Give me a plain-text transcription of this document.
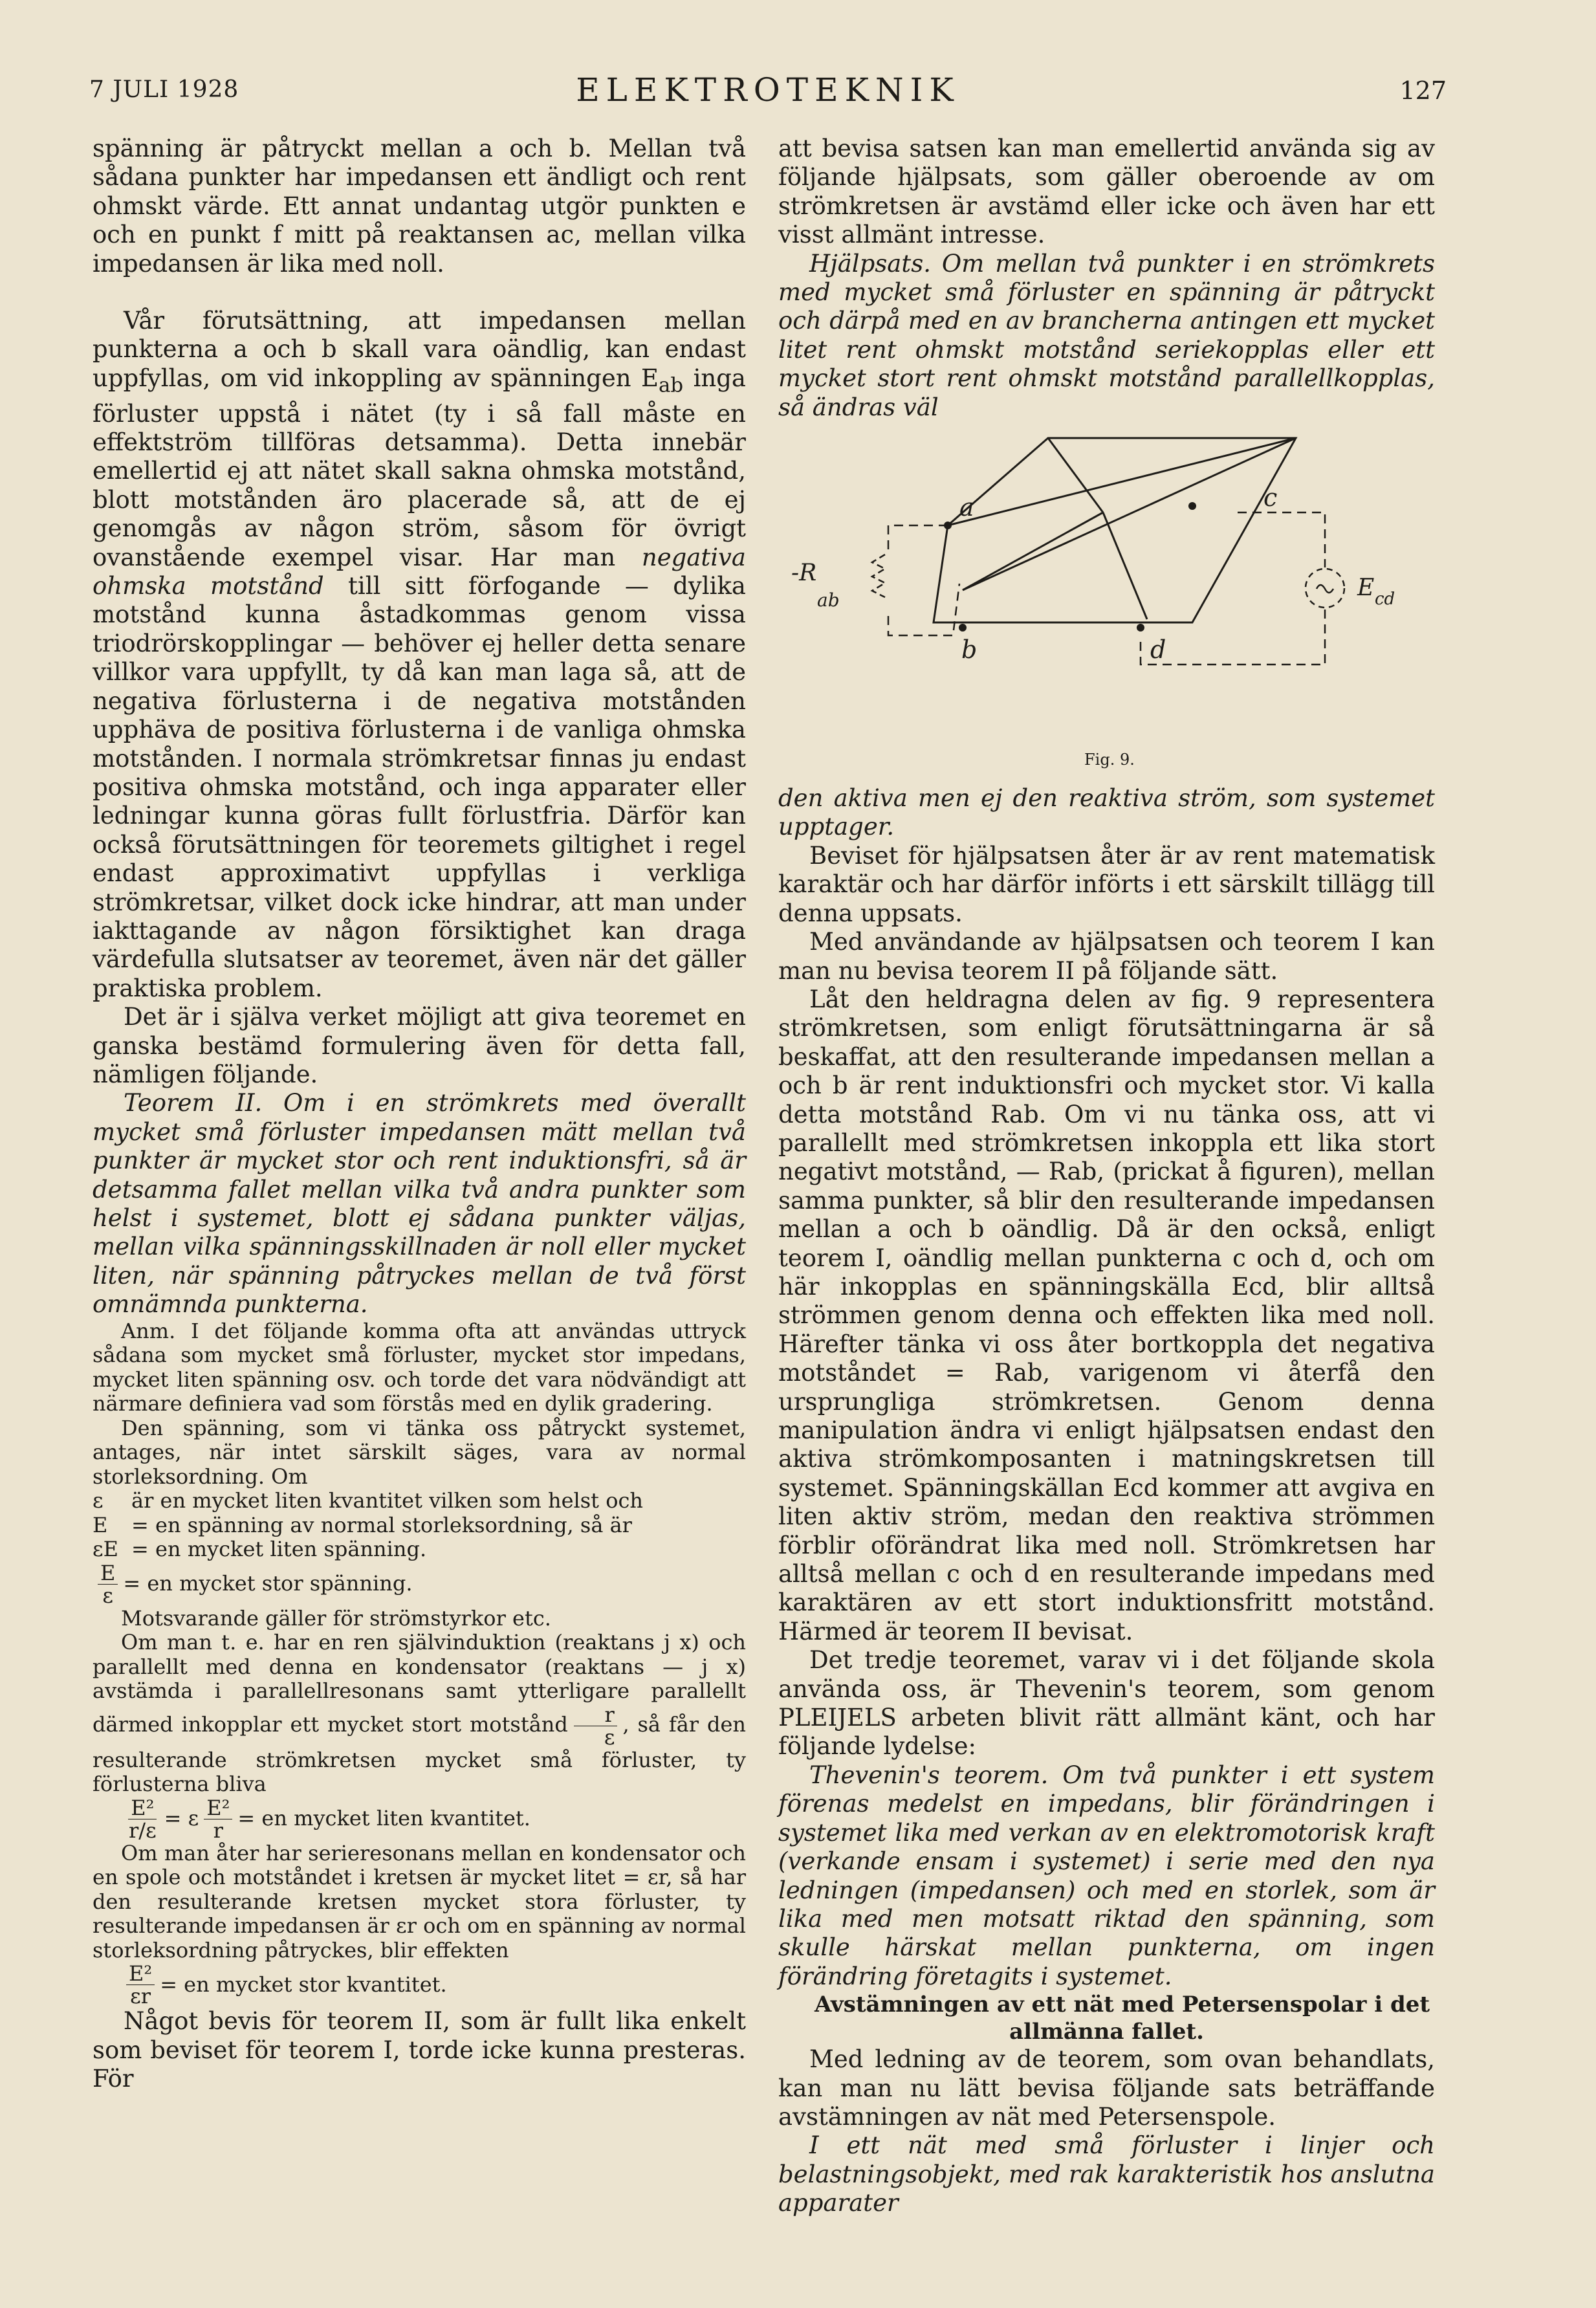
7 JULI 1928	ELEKTROTEKNIK	127

spänning är påtryckt mellan a och b. Mellan två sådana punkter har impedansen ett ändligt och rent ohmskt värde. Ett annat undantag utgör punkten e och en punkt f mitt på reaktansen ac, mellan vilka impedansen är lika med noll.

Vår förutsättning, att impedansen mellan punkterna a och b skall vara oändlig, kan endast uppfyllas, om vid inkoppling av spänningen $E_{ab}$ inga förluster uppstå i nätet (ty i så fall måste en effektström tillföras detsamma). Detta innebär emellertid ej att nätet skall sakna ohmska motstånd, blott motstånden äro placerade så, att de ej genomgås av någon ström, såsom för övrigt ovanstående exempel visar. Har man negativa ohmska motstånd till sitt förfogande — dylika motstånd kunna åstadkommas genom vissa triodrörskopplingar — behöver ej heller detta senare villkor vara uppfyllt, ty då kan man laga så, att de negativa förlusterna i de negativa motstånden upphäva de positiva förlusterna i de vanliga ohmska motstånden. I normala strömkretsar finnas ju endast positiva ohmska motstånd, och inga apparater eller ledningar kunna göras fullt förlustfria. Därför kan också förutsättningen för teoremets giltighet i regel endast approximativt uppfyllas i verkliga strömkretsar, vilket dock icke hindrar, att man under iakttagande av någon försiktighet kan draga värdefulla slutsatser av teoremet, även när det gäller praktiska problem.

Det är i själva verket möjligt att giva teoremet en ganska bestämd formulering även för detta fall, nämligen följande.

Teorem II. Om i en strömkrets med överallt mycket små förluster impedansen mätt mellan två punkter är mycket stor och rent induktionsfri, så är detsamma fallet mellan vilka två andra punkter som helst i systemet, blott ej sådana punkter väljas, mellan vilka spänningsskillnaden är noll eller mycket liten, när spänning påtryckes mellan de två först omnämnda punkterna.

Anm. I det följande komma ofta att användas uttryck sådana som mycket små förluster, mycket stor impedans, mycket liten spänning osv. och torde det vara nödvändigt att närmare definiera vad som förstås med en dylik gradering.

Den spänning, som vi tänka oss påtryckt systemet, antages, när intet särskilt säges, vara av normal storleksordning. Om

ε	är en mycket liten kvantitet vilken som helst och
E	= en spänning av normal storleksordning, så är
εE = en mycket liten spänning.
$\frac{E}{\varepsilon}$ = en mycket stor spänning.

Motsvarande gäller för strömstyrkor etc.

Om man t. e. har en ren självinduktion (reaktans j x) och parallellt med denna en kondensator (reaktans — j x) avstämda i parallellresonans samt ytterligare parallellt därmed inkopplar ett mycket stort motstånd $\frac{r}{\varepsilon}$ , så får den resulterande strömkretsen mycket små förluster, ty förlusterna bliva

$\frac{\text{E²}}{r/\varepsilon} = \varepsilon \frac{\text{E²}}{r}$ = en mycket liten kvantitet.

Om man åter har serieresonans mellan en kondensator och en spole och motståndet i kretsen är mycket litet = εr, så har den resulterande kretsen mycket stora förluster, ty resulterande impedansen är εr och om en spänning av normal storleksordning påtryckes, blir effekten

$\frac{\text{E²}}{\varepsilon r}$ = en mycket stor kvantitet.

Något bevis för teorem II, som är fullt lika enkelt som beviset för teorem I, torde icke kunna presteras. För

att bevisa satsen kan man emellertid använda sig av följande hjälpsats, som gäller oberoende av om strömkretsen är avstämd eller icke och även har ett visst allmänt intresse.

Hjälpsats. Om mellan två punkter i en strömkrets med mycket små förluster en spänning är påtryckt och därpå med en av brancherna antingen ett mycket litet rent ohmskt motstånd seriekopplas eller ett mycket stort rent ohmskt motstånd parallellkopplas, så ändras väl

a
b
c
d
-R
ab	E cd
Fig. 9.

den aktiva men ej den reaktiva ström, som systemet upptager.

Beviset för hjälpsatsen åter är av rent matematisk karaktär och har därför införts i ett särskilt tillägg till denna uppsats.

Med användande av hjälpsatsen och teorem I kan man nu bevisa teorem II på följande sätt.

Låt den heldragna delen av fig. 9 representera strömkretsen, som enligt förutsättningarna är så beskaffat, att den resulterande impedansen mellan a och b är rent induktionsfri och mycket stor. Vi kalla detta motstånd Rab. Om vi nu tänka oss, att vi parallellt med strömkretsen inkoppla ett lika stort negativt motstånd, — Rab, (prickat å figuren), mellan samma punkter, så blir den resulterande impedansen mellan a och b oändlig. Då är den också, enligt teorem I, oändlig mellan punkterna c och d, och om här inkopplas en spänningskälla Ecd, blir alltså strömmen genom denna och effekten lika med noll. Härefter tänka vi oss åter bortkoppla det negativa motståndet = Rab, varigenom vi återfå den ursprungliga strömkretsen. Genom denna manipulation ändra vi enligt hjälpsatsen endast den aktiva strömkomposanten i matningskretsen till systemet. Spänningskällan Ecd kommer att avgiva en liten aktiv ström, medan den reaktiva strömmen förblir oförändrat lika med noll. Strömkretsen har alltså mellan c och d en resulterande impedans med karaktären av ett stort induktionsfritt motstånd. Härmed är teorem II bevisat.

Det tredje teoremet, varav vi i det följande skola använda oss, är Thevenin's teorem, som genom PLEIJELS arbeten blivit rätt allmänt känt, och har följande lydelse:

Thevenin's teorem. Om två punkter i ett system förenas medelst en impedans, blir förändringen i systemet lika med verkan av en elektromotorisk kraft (verkande ensam i systemet) i serie med den nya ledningen (impedansen) och med en storlek, som är lika med men motsatt riktad den spänning, som skulle härskat mellan punkterna, om ingen förändring företagits i systemet.

Avstämningen av ett nät med Petersenspolar i det allmänna fallet.

Med ledning av de teorem, som ovan behandlats, kan man nu lätt bevisa följande sats beträffande avstämningen av nät med Petersenspole.

I ett nät med små förluster i linjer och belastningsobjekt, med rak karakteristik hos anslutna apparater
